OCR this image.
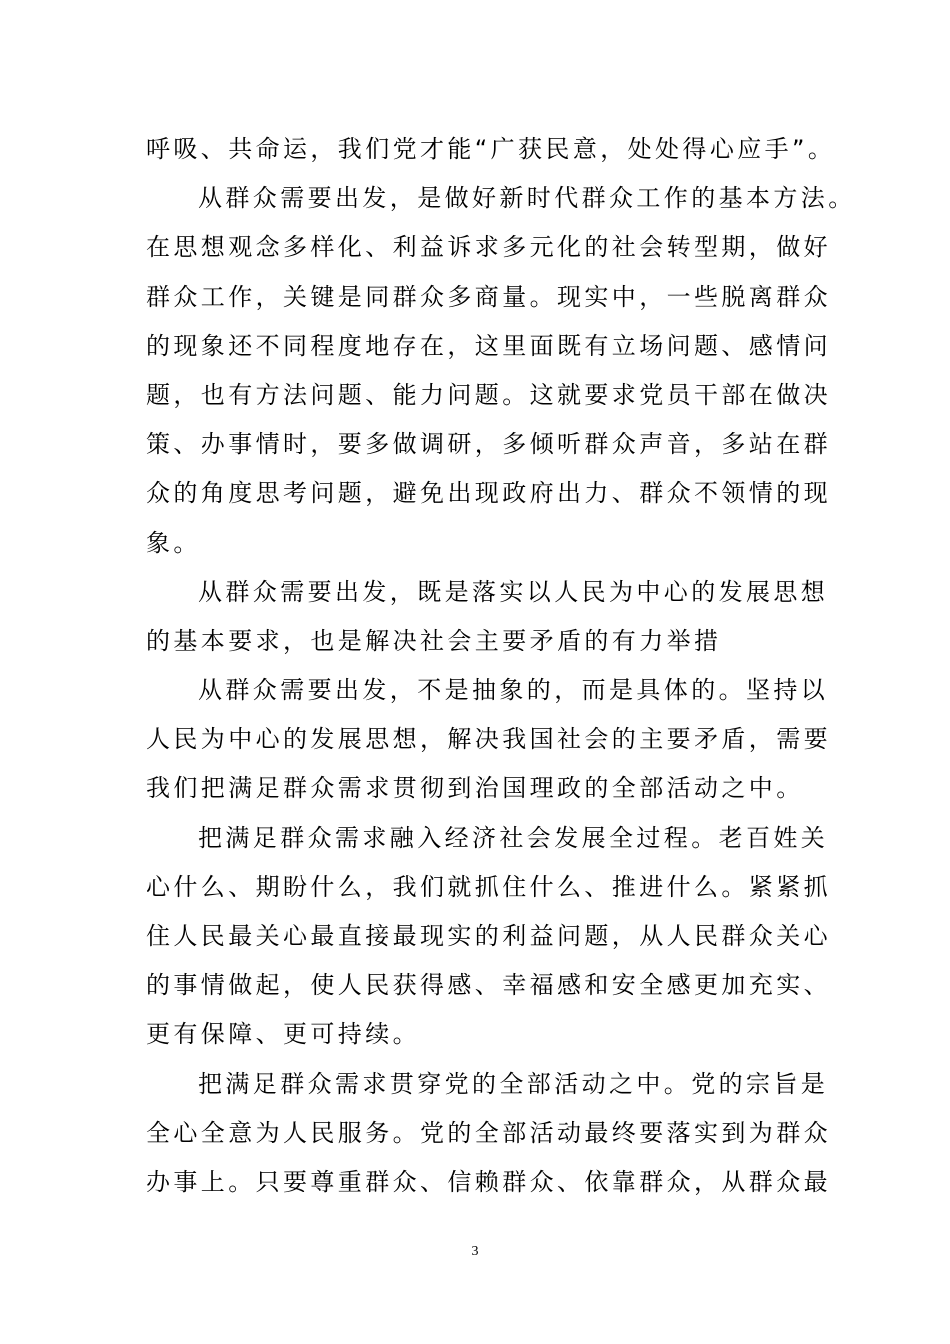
呼吸、共命运，我们党才能“广获民意，处处得心应手”。
从群众需要出发，是做好新时代群众工作的基本方法。
在思想观念多样化、利益诉求多元化的社会转型期，做好
群众工作，关键是同群众多商量。现实中，一些脱离群众
的现象还不同程度地存在，这里面既有立场问题、感情问
题，也有方法问题、能力问题。这就要求党员干部在做决
策、办事情时，要多做调研，多倾听群众声音，多站在群
众的角度思考问题，避免出现政府出力、群众不领情的现
象。
从群众需要出发，既是落实以人民为中心的发展思想
的基本要求，也是解决社会主要矛盾的有力举措
从群众需要出发，不是抽象的，而是具体的。坚持以
人民为中心的发展思想，解决我国社会的主要矛盾，需要
我们把满足群众需求贯彻到治国理政的全部活动之中。
把满足群众需求融入经济社会发展全过程。老百姓关
心什么、期盼什么，我们就抓住什么、推进什么。紧紧抓
住人民最关心最直接最现实的利益问题，从人民群众关心
的事情做起，使人民获得感、幸福感和安全感更加充实、
更有保障、更可持续。
把满足群众需求贯穿党的全部活动之中。党的宗旨是
全心全意为人民服务。党的全部活动最终要落实到为群众
办事上。只要尊重群众、信赖群众、依靠群众，从群众最
3
